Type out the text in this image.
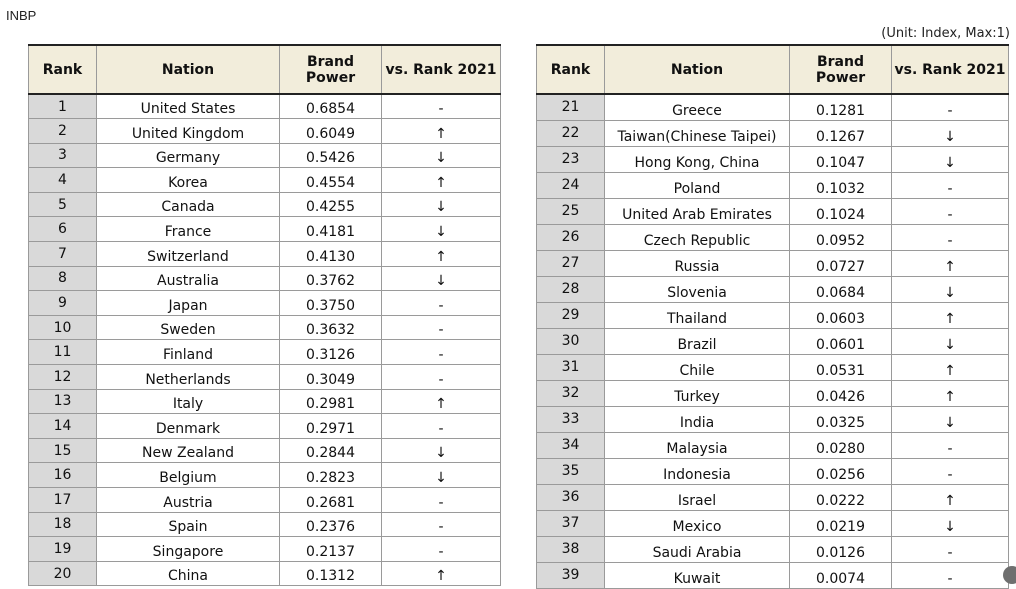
INBP
(Unit: Index, Max:1)
Rank	Nation	Brand Power	vs. Rank 2021
1	United States	0.6854	-
2	United Kingdom	0.6049	↑
3	Germany	0.5426	↓
4	Korea	0.4554	↑
5	Canada	0.4255	↓
6	France	0.4181	↓
7	Switzerland	0.4130	↑
8	Australia	0.3762	↓
9	Japan	0.3750	-
10	Sweden	0.3632	-
11	Finland	0.3126	-
12	Netherlands	0.3049	-
13	Italy	0.2981	↑
14	Denmark	0.2971	-
15	New Zealand	0.2844	↓
16	Belgium	0.2823	↓
17	Austria	0.2681	-
18	Spain	0.2376	-
19	Singapore	0.2137	-
20	China	0.1312	↑
Rank	Nation	Brand Power	vs. Rank 2021
21	Greece	0.1281	-
22	Taiwan(Chinese Taipei)	0.1267	↓
23	Hong Kong, China	0.1047	↓
24	Poland	0.1032	-
25	United Arab Emirates	0.1024	-
26	Czech Republic	0.0952	-
27	Russia	0.0727	↑
28	Slovenia	0.0684	↓
29	Thailand	0.0603	↑
30	Brazil	0.0601	↓
31	Chile	0.0531	↑
32	Turkey	0.0426	↑
33	India	0.0325	↓
34	Malaysia	0.0280	-
35	Indonesia	0.0256	-
36	Israel	0.0222	↑
37	Mexico	0.0219	↓
38	Saudi Arabia	0.0126	-
39	Kuwait	0.0074	-
